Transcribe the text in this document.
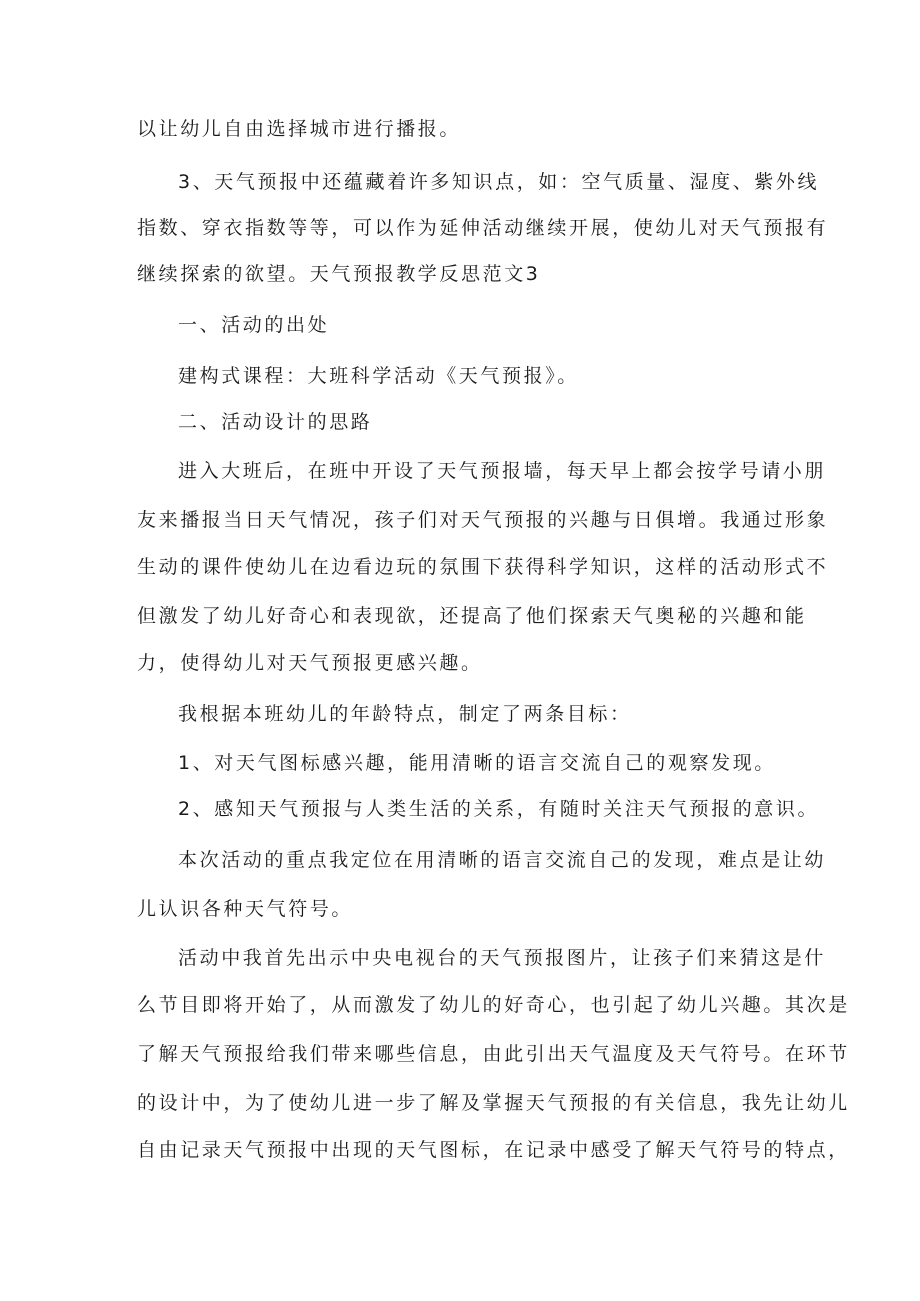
以让幼儿自由选择城市进行播报。
3、天气预报中还蕴藏着许多知识点，如：空气质量、湿度、紫外线
指数、穿衣指数等等，可以作为延伸活动继续开展，使幼儿对天气预报有
继续探索的欲望。天气预报教学反思范文3
一、活动的出处
建构式课程：大班科学活动《天气预报》。
二、活动设计的思路
进入大班后，在班中开设了天气预报墙，每天早上都会按学号请小朋
友来播报当日天气情况，孩子们对天气预报的兴趣与日俱增。我通过形象
生动的课件使幼儿在边看边玩的氛围下获得科学知识，这样的活动形式不
但激发了幼儿好奇心和表现欲，还提高了他们探索天气奥秘的兴趣和能
力，使得幼儿对天气预报更感兴趣。
我根据本班幼儿的年龄特点，制定了两条目标：
1、对天气图标感兴趣，能用清晰的语言交流自己的观察发现。
2、感知天气预报与人类生活的关系，有随时关注天气预报的意识。
本次活动的重点我定位在用清晰的语言交流自己的发现，难点是让幼
儿认识各种天气符号。
活动中我首先出示中央电视台的天气预报图片，让孩子们来猜这是什
么节目即将开始了，从而激发了幼儿的好奇心，也引起了幼儿兴趣。其次是
了解天气预报给我们带来哪些信息，由此引出天气温度及天气符号。在环节
的设计中，为了使幼儿进一步了解及掌握天气预报的有关信息，我先让幼儿
自由记录天气预报中出现的天气图标，在记录中感受了解天气符号的特点，
